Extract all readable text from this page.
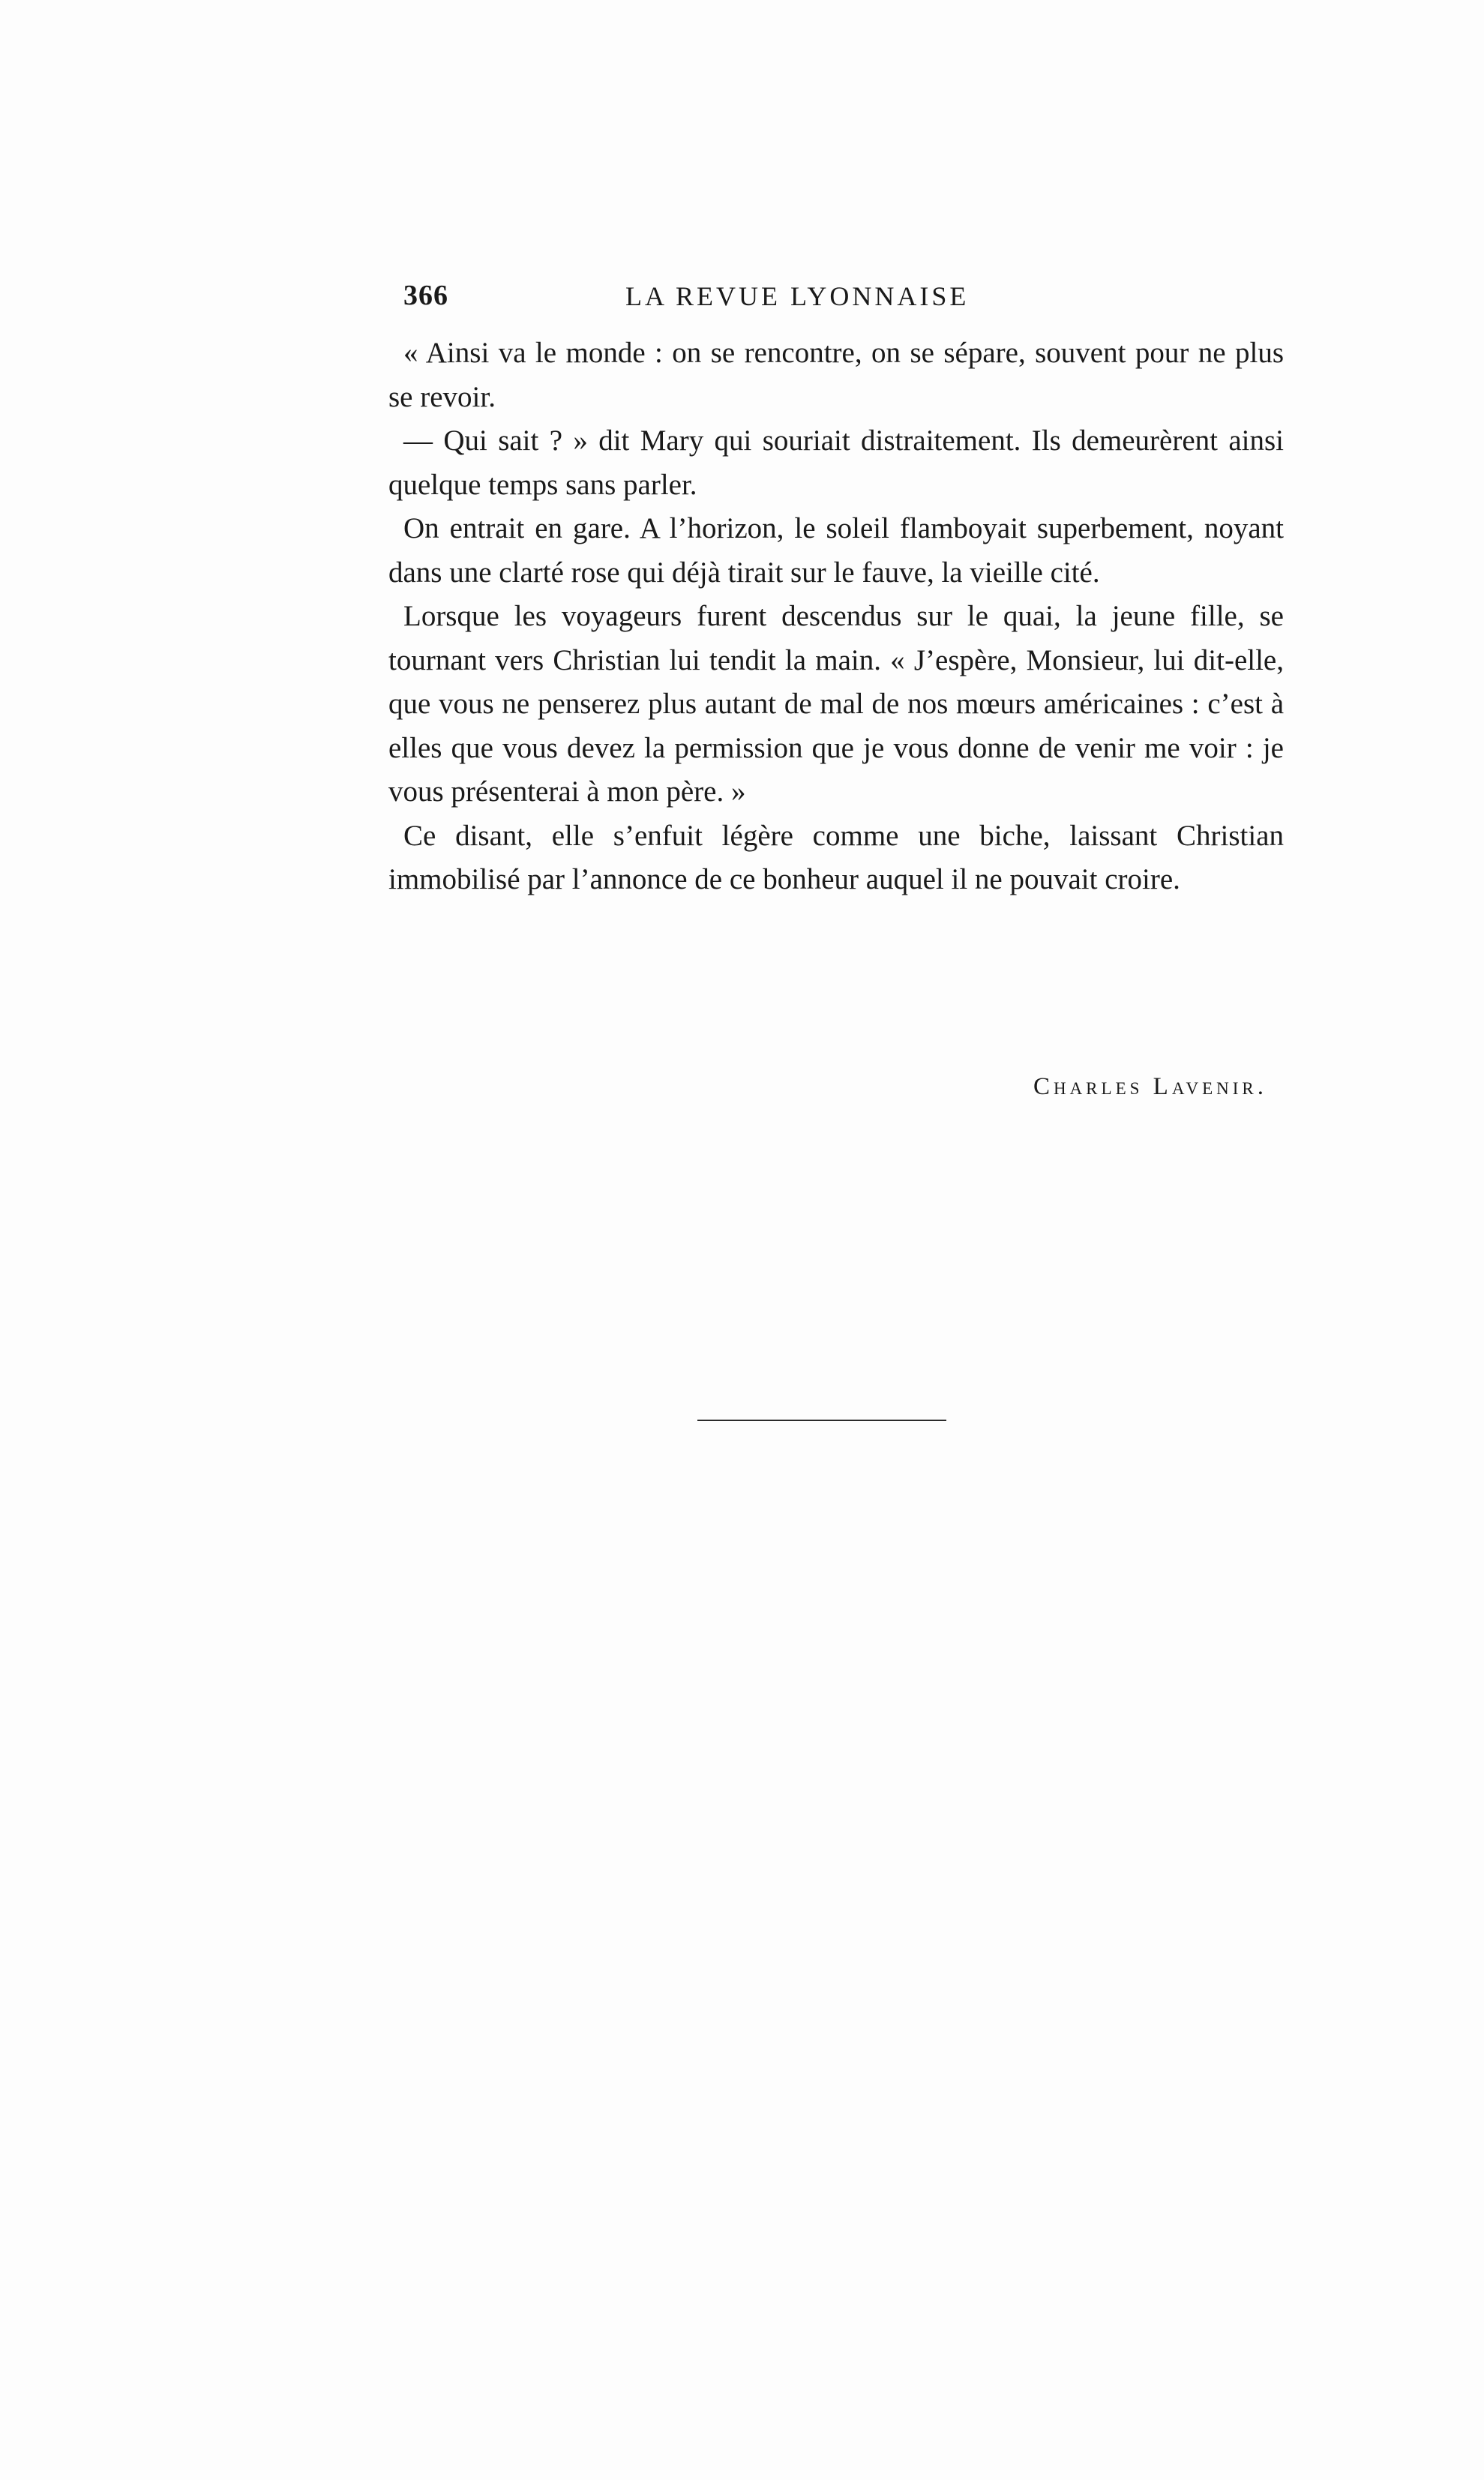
366	LA REVUE LYONNAISE

« Ainsi va le monde : on se rencontre, on se sépare, souvent pour ne plus se revoir.

— Qui sait ? » dit Mary qui souriait distraitement. Ils demeurèrent ainsi quelque temps sans parler.

On entrait en gare. A l’horizon, le soleil flamboyait superbement, noyant dans une clarté rose qui déjà tirait sur le fauve, la vieille cité.

Lorsque les voyageurs furent descendus sur le quai, la jeune fille, se tournant vers Christian lui tendit la main. « J’espère, Monsieur, lui dit-elle, que vous ne penserez plus autant de mal de nos mœurs américaines : c’est à elles que vous devez la permission que je vous donne de venir me voir : je vous présenterai à mon père. »

Ce disant, elle s’enfuit légère comme une biche, laissant Christian immobilisé par l’annonce de ce bonheur auquel il ne pouvait croire.

Charles Lavenir.
